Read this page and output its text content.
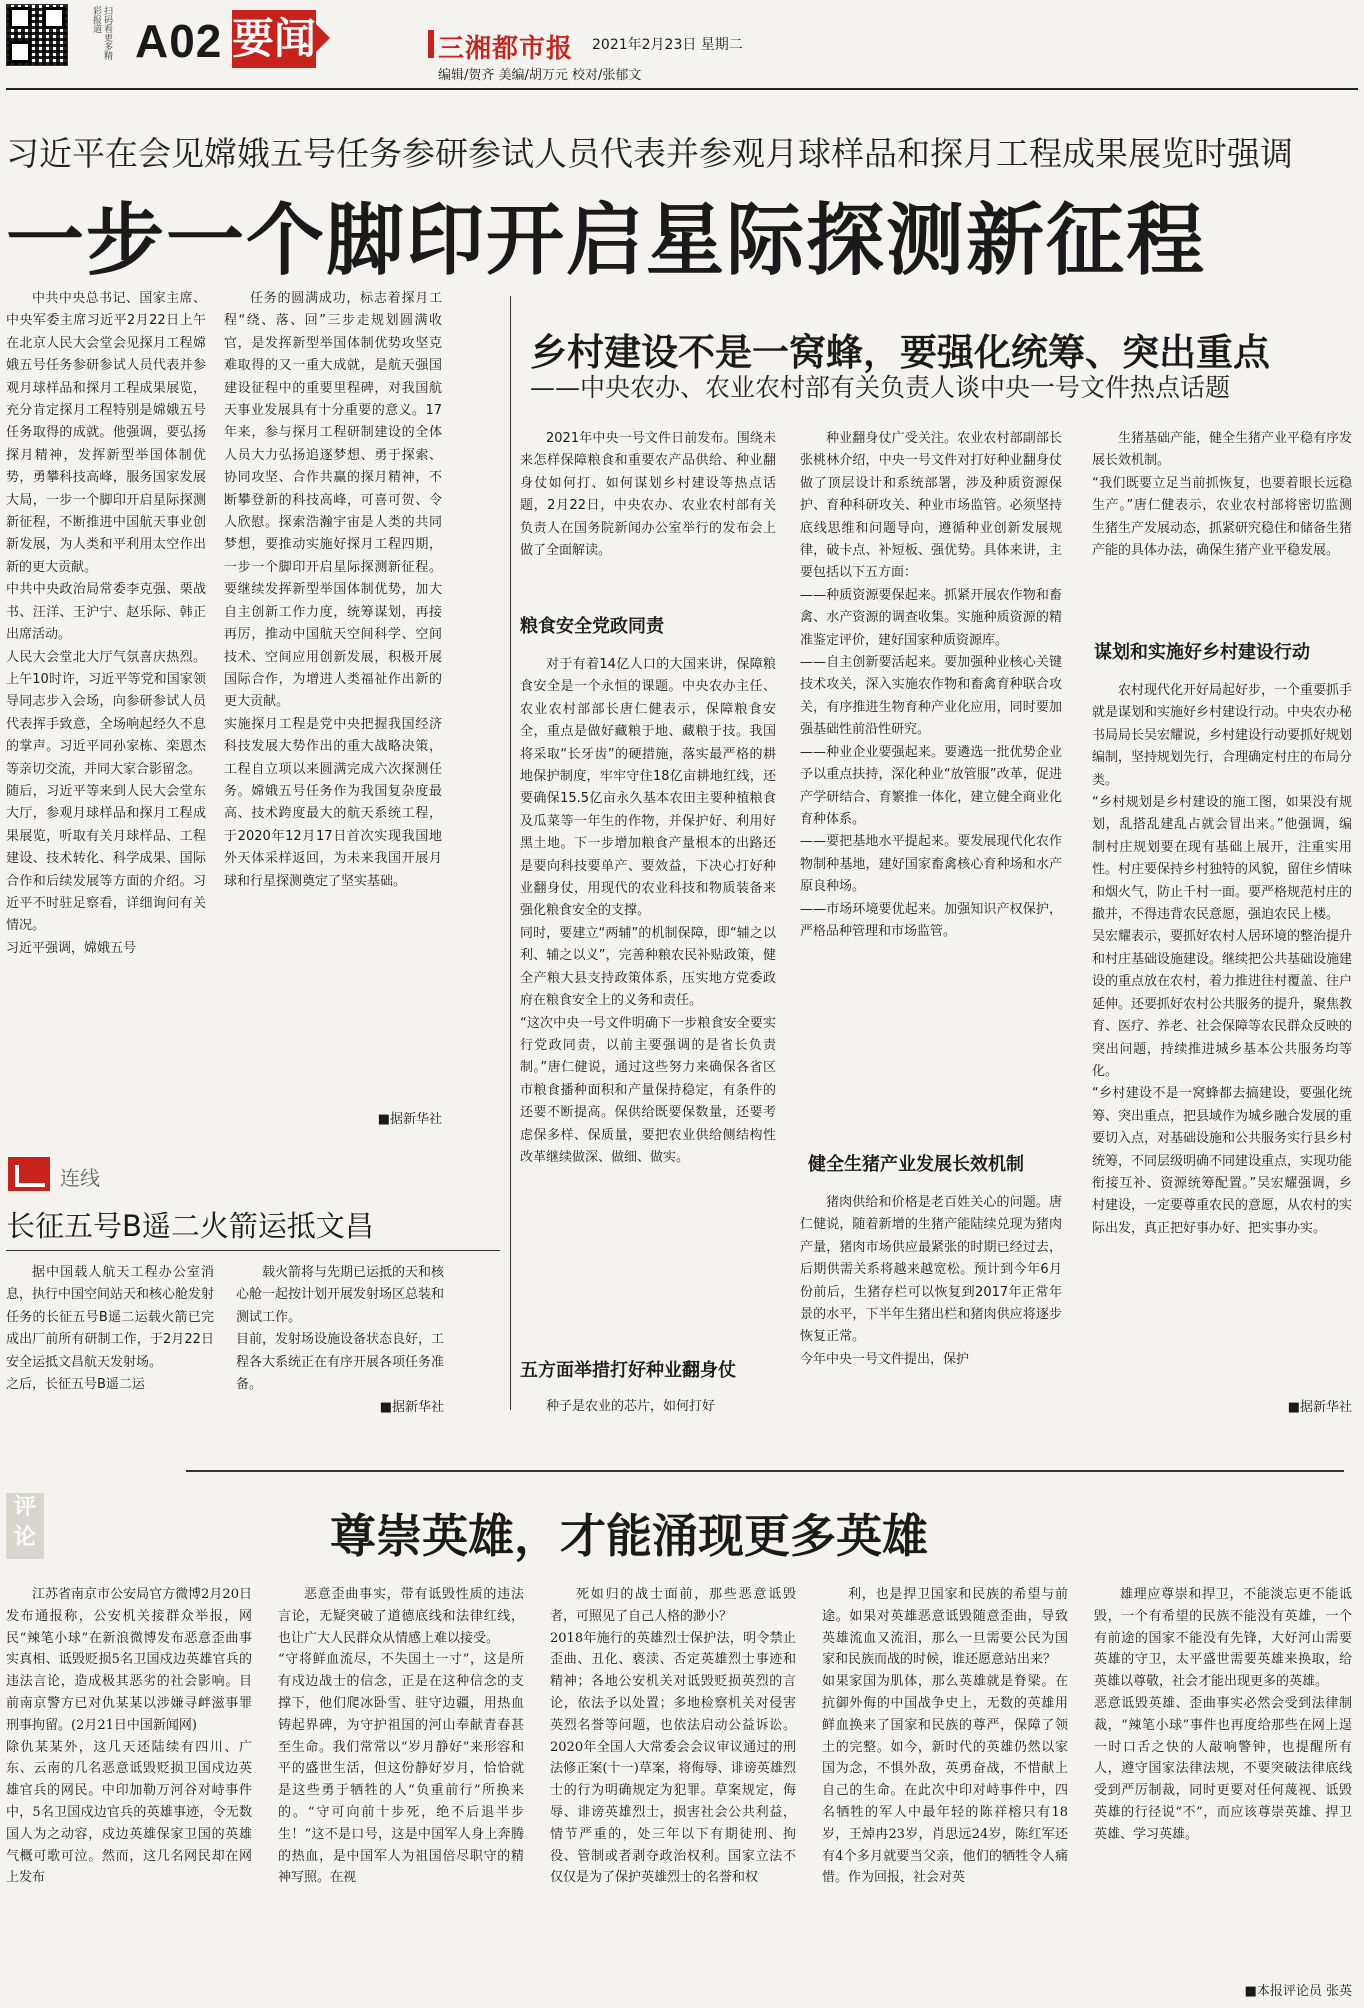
扫码看更多精彩报道 A02 要闻	三湘都市报 2021年2月23日 星期二
编辑/贺齐 美编/胡万元 校对/张郁文
习近平在会见嫦娥五号任务参研参试人员代表并参观月球样品和探月工程成果展览时强调
一步一个脚印开启星际探测新征程
中共中央总书记、国家主席、中央军委主席习近平2月22日上午在北京人民大会堂会见探月工程嫦娥五号任务参研参试人员代表并参观月球样品和探月工程成果展览，充分肯定探月工程特别是嫦娥五号任务取得的成就。他强调，要弘扬探月精神，发挥新型举国体制优势，勇攀科技高峰，服务国家发展大局，一步一个脚印开启星际探测新征程，不断推进中国航天事业创新发展，为人类和平利用太空作出新的更大贡献。
中共中央政治局常委李克强、栗战书、汪洋、王沪宁、赵乐际、韩正出席活动。
人民大会堂北大厅气氛喜庆热烈。上午10时许，习近平等党和国家领导同志步入会场，向参研参试人员代表挥手致意，全场响起经久不息的掌声。习近平同孙家栋、栾恩杰等亲切交流，并同大家合影留念。
随后，习近平等来到人民大会堂东大厅，参观月球样品和探月工程成果展览，听取有关月球样品、工程建设、技术转化、科学成果、国际合作和后续发展等方面的介绍。习近平不时驻足察看，详细询问有关情况。
习近平强调，嫦娥五号
任务的圆满成功，标志着探月工程“绕、落、回”三步走规划圆满收官，是发挥新型举国体制优势攻坚克难取得的又一重大成就，是航天强国建设征程中的重要里程碑，对我国航天事业发展具有十分重要的意义。17年来，参与探月工程研制建设的全体人员大力弘扬追逐梦想、勇于探索、协同攻坚、合作共赢的探月精神，不断攀登新的科技高峰，可喜可贺、令人欣慰。探索浩瀚宇宙是人类的共同梦想，要推动实施好探月工程四期，一步一个脚印开启星际探测新征程。要继续发挥新型举国体制优势，加大自主创新工作力度，统筹谋划，再接再厉，推动中国航天空间科学、空间技术、空间应用创新发展，积极开展国际合作，为增进人类福祉作出新的更大贡献。
实施探月工程是党中央把握我国经济科技发展大势作出的重大战略决策，工程自立项以来圆满完成六次探测任务。嫦娥五号任务作为我国复杂度最高、技术跨度最大的航天系统工程，于2020年12月17日首次实现我国地外天体采样返回，为未来我国开展月球和行星探测奠定了坚实基础。
■据新华社
连线
长征五号B遥二火箭运抵文昌
据中国载人航天工程办公室消息，执行中国空间站天和核心舱发射任务的长征五号B遥二运载火箭已完成出厂前所有研制工作，于2月22日安全运抵文昌航天发射场。
之后，长征五号B遥二运
载火箭将与先期已运抵的天和核心舱一起按计划开展发射场区总装和测试工作。
目前，发射场设施设备状态良好，工程各大系统正在有序开展各项任务准备。
■据新华社
乡村建设不是一窝蜂，要强化统筹、突出重点
——中央农办、农业农村部有关负责人谈中央一号文件热点话题
2021年中央一号文件日前发布。围绕未来怎样保障粮食和重要农产品供给、种业翻身仗如何打、如何谋划乡村建设等热点话题，2月22日，中央农办、农业农村部有关负责人在国务院新闻办公室举行的发布会上做了全面解读。
粮食安全党政同责
对于有着14亿人口的大国来讲，保障粮食安全是一个永恒的课题。中央农办主任、农业农村部部长唐仁健表示，保障粮食安全，重点是做好藏粮于地、藏粮于技。我国将采取“长牙齿”的硬措施，落实最严格的耕地保护制度，牢牢守住18亿亩耕地红线，还要确保15.5亿亩永久基本农田主要种植粮食及瓜菜等一年生的作物，并保护好、利用好黑土地。下一步增加粮食产量根本的出路还是要向科技要单产、要效益，下决心打好种业翻身仗，用现代的农业科技和物质装备来强化粮食安全的支撑。
同时，要建立“两辅”的机制保障，即“辅之以利、辅之以义”，完善种粮农民补贴政策，健全产粮大县支持政策体系，压实地方党委政府在粮食安全上的义务和责任。
“这次中央一号文件明确下一步粮食安全要实行党政同责，以前主要强调的是省长负责制。”唐仁健说，通过这些努力来确保各省区市粮食播种面积和产量保持稳定，有条件的还要不断提高。保供给既要保数量，还要考虑保多样、保质量，要把农业供给侧结构性改革继续做深、做细、做实。
五方面举措打好种业翻身仗
种子是农业的芯片，如何打好
种业翻身仗广受关注。农业农村部副部长张桃林介绍，中央一号文件对打好种业翻身仗做了顶层设计和系统部署，涉及种质资源保护、育种科研攻关、种业市场监管。必须坚持底线思维和问题导向，遵循种业创新发展规律，破卡点、补短板、强优势。具体来讲，主要包括以下五方面：
——种质资源要保起来。抓紧开展农作物和畜禽、水产资源的调查收集。实施种质资源的精准鉴定评价，建好国家种质资源库。
——自主创新要活起来。要加强种业核心关键技术攻关，深入实施农作物和畜禽育种联合攻关，有序推进生物育种产业化应用，同时要加强基础性前沿性研究。
——种业企业要强起来。要遴选一批优势企业予以重点扶持，深化种业“放管服”改革，促进产学研结合、育繁推一体化，建立健全商业化育种体系。
——要把基地水平提起来。要发展现代化农作物制种基地，建好国家畜禽核心育种场和水产原良种场。
——市场环境要优起来。加强知识产权保护，严格品种管理和市场监管。
健全生猪产业发展长效机制
猪肉供给和价格是老百姓关心的问题。唐仁健说，随着新增的生猪产能陆续兑现为猪肉产量，猪肉市场供应最紧张的时期已经过去，后期供需关系将越来越宽松。预计到今年6月份前后，生猪存栏可以恢复到2017年正常年景的水平，下半年生猪出栏和猪肉供应将逐步恢复正常。
今年中央一号文件提出，保护
生猪基础产能，健全生猪产业平稳有序发展长效机制。
“我们既要立足当前抓恢复，也要着眼长远稳生产。”唐仁健表示，农业农村部将密切监测生猪生产发展动态，抓紧研究稳住和储备生猪产能的具体办法，确保生猪产业平稳发展。
谋划和实施好乡村建设行动
农村现代化开好局起好步，一个重要抓手就是谋划和实施好乡村建设行动。中央农办秘书局局长吴宏耀说，乡村建设行动要抓好规划编制，坚持规划先行，合理确定村庄的布局分类。
“乡村规划是乡村建设的施工图，如果没有规划，乱搭乱建乱占就会冒出来。”他强调，编制村庄规划要在现有基础上展开，注重实用性。村庄要保持乡村独特的风貌，留住乡情味和烟火气，防止千村一面。要严格规范村庄的撤并，不得违背农民意愿，强迫农民上楼。
吴宏耀表示，要抓好农村人居环境的整治提升和村庄基础设施建设。继续把公共基础设施建设的重点放在农村，着力推进往村覆盖、往户延伸。还要抓好农村公共服务的提升，聚焦教育、医疗、养老、社会保障等农民群众反映的突出问题，持续推进城乡基本公共服务均等化。
“乡村建设不是一窝蜂都去搞建设，要强化统筹、突出重点，把县域作为城乡融合发展的重要切入点，对基础设施和公共服务实行县乡村统筹，不同层级明确不同建设重点，实现功能衔接互补、资源统筹配置。”吴宏耀强调，乡村建设，一定要尊重农民的意愿，从农村的实际出发，真正把好事办好、把实事办实。
■据新华社
评论	尊崇英雄，才能涌现更多英雄
江苏省南京市公安局官方微博2月20日发布通报称，公安机关接群众举报，网民“辣笔小球”在新浪微博发布恶意歪曲事实真相、诋毁贬损5名卫国戍边英雄官兵的违法言论，造成极其恶劣的社会影响。目前南京警方已对仇某某以涉嫌寻衅滋事罪刑事拘留。(2月21日中国新闻网)
除仇某某外，这几天还陆续有四川、广东、云南的几名恶意诋毁贬损卫国戍边英雄官兵的网民。中印加勒万河谷对峙事件中，5名卫国戍边官兵的英雄事迹，令无数国人为之动容，戍边英雄保家卫国的英雄气概可歌可泣。然而，这几名网民却在网上发布
恶意歪曲事实，带有诋毁性质的违法言论，无疑突破了道德底线和法律红线，也让广大人民群众从情感上难以接受。
“守将鲜血流尽，不失国土一寸”，这是所有戍边战士的信念，正是在这种信念的支撑下，他们爬冰卧雪、驻守边疆，用热血铸起界碑，为守护祖国的河山奉献青春甚至生命。我们常常以“岁月静好”来形容和平的盛世生活，但这份静好岁月，恰恰就是这些勇于牺牲的人“负重前行”所换来的。“守可向前十步死，绝不后退半步生！”这不是口号，这是中国军人身上奔腾的热血，是中国军人为祖国倍尽职守的精神写照。在视
死如归的战士面前，那些恶意诋毁者，可照见了自己人格的渺小？
2018年施行的英雄烈士保护法，明令禁止歪曲、丑化、亵渎、否定英雄烈士事迹和精神；各地公安机关对诋毁贬损英烈的言论，依法予以处置；多地检察机关对侵害英烈名誉等问题，也依法启动公益诉讼。2020年全国人大常委会会议审议通过的刑法修正案(十一)草案，将侮辱、诽谤英雄烈士的行为明确规定为犯罪。草案规定，侮辱、诽谤英雄烈士，损害社会公共利益，情节严重的，处三年以下有期徒刑、拘役、管制或者剥夺政治权利。国家立法不仅仅是为了保护英雄烈士的名誉和权
利，也是捍卫国家和民族的希望与前途。如果对英雄恶意诋毁随意歪曲，导致英雄流血又流泪，那么一旦需要公民为国家和民族而战的时候，谁还愿意站出来？
如果家国为肌体，那么英雄就是脊梁。在抗御外侮的中国战争史上，无数的英雄用鲜血换来了国家和民族的尊严，保障了领土的完整。如今，新时代的英雄仍然以家国为念，不惧外敌，英勇奋战，不惜献上自己的生命。在此次中印对峙事件中，四名牺牲的军人中最年轻的陈祥榕只有18岁，王焯冉23岁，肖思远24岁，陈红军还有4个多月就要当父亲，他们的牺牲令人痛惜。作为回报，社会对英
雄理应尊崇和捍卫，不能淡忘更不能诋毁，一个有希望的民族不能没有英雄，一个有前途的国家不能没有先锋，大好河山需要英雄的守卫，太平盛世需要英雄来换取，给英雄以尊敬，社会才能出现更多的英雄。
恶意诋毁英雄、歪曲事实必然会受到法律制裁，“辣笔小球”事件也再度给那些在网上逞一时口舌之快的人敲响警钟，也提醒所有人，遵守国家法律法规，不要突破法律底线受到严厉制裁，同时更要对任何蔑视、诋毁英雄的行径说“不”，而应该尊崇英雄、捍卫英雄、学习英雄。
■本报评论员 张英
